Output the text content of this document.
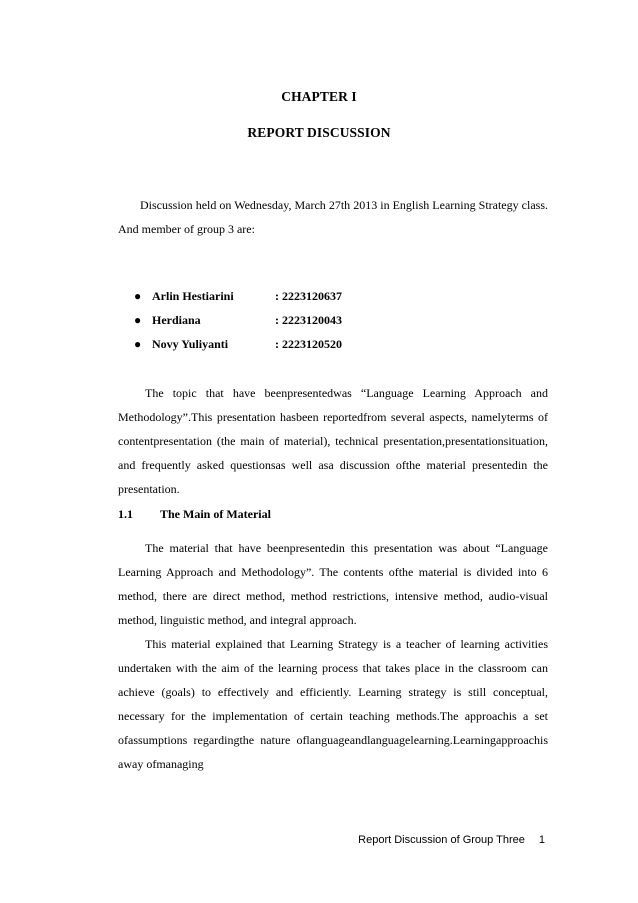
CHAPTER I
REPORT DISCUSSION

Discussion held on Wednesday, March 27th 2013 in English Learning Strategy class. And member of group 3 are:

● Arlin Hestiarini	: 2223120637
● Herdiana	: 2223120043
● Novy Yuliyanti	: 2223120520

The topic that have beenpresentedwas “Language Learning Approach and Methodology”.This presentation hasbeen reportedfrom several aspects, namelyterms of contentpresentation (the main of material), technical presentation,presentationsituation, and frequently asked questionsas well asa discussion ofthe material presentedin the presentation.

1.1	The Main of Material

The material that have beenpresentedin this presentation was about “Language Learning Approach and Methodology”. The contents ofthe material is divided into 6 method, there are direct method, method restrictions, intensive method, audio-visual method, linguistic method, and integral approach.

This material explained that Learning Strategy is a teacher of learning activities undertaken with the aim of the learning process that takes place in the classroom can achieve (goals) to effectively and efficiently. Learning strategy is still conceptual, necessary for the implementation of certain teaching methods.The approachis a set ofassumptions regardingthe nature oflanguageandlanguagelearning.Learningapproachis away ofmanaging

Report Discussion of Group Three 1
